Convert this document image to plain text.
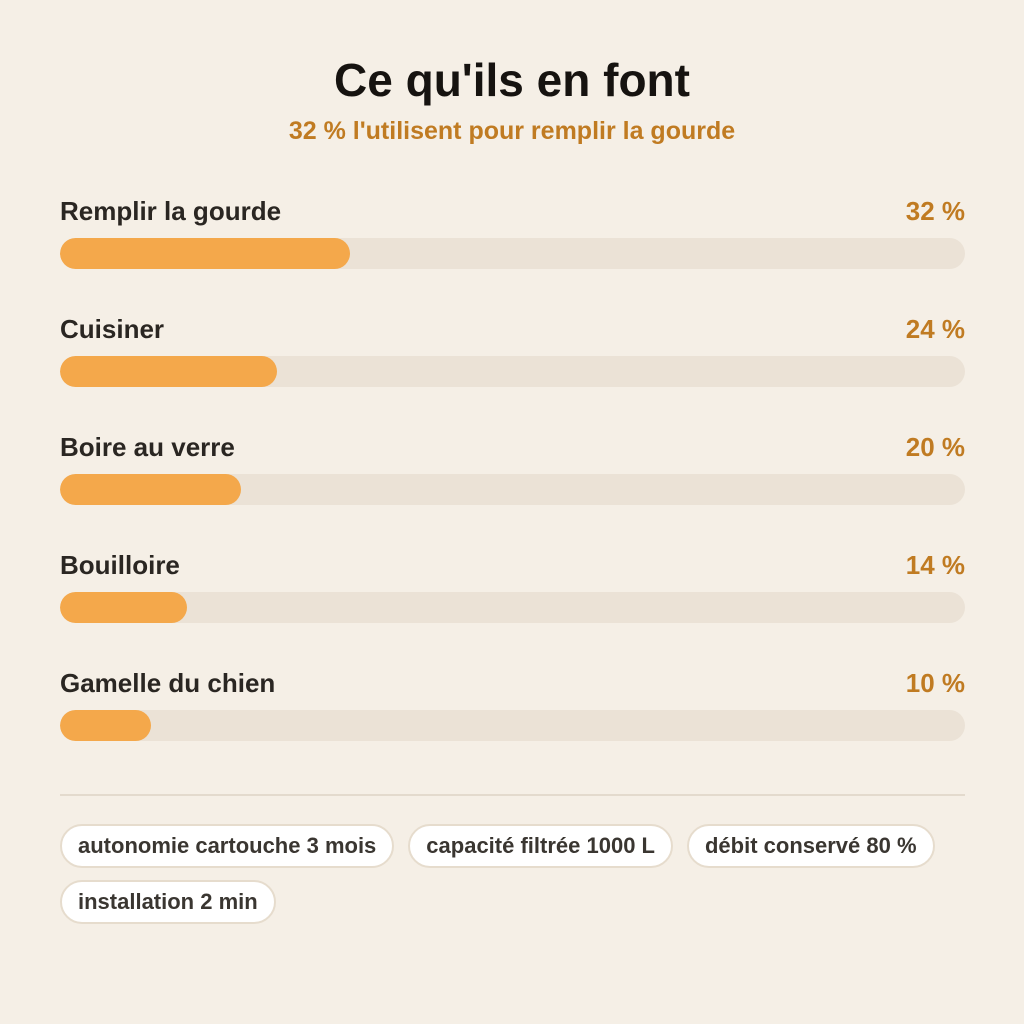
Ce qu'ils en font
32 % l'utilisent pour remplir la gourde
Remplir la gourde	32 %
Cuisiner	24 %
Boire au verre	20 %
Bouilloire	14 %
Gamelle du chien	10 %
autonomie cartouche 3 mois	capacité filtrée 1000 L	débit conservé 80 %
installation 2 min
